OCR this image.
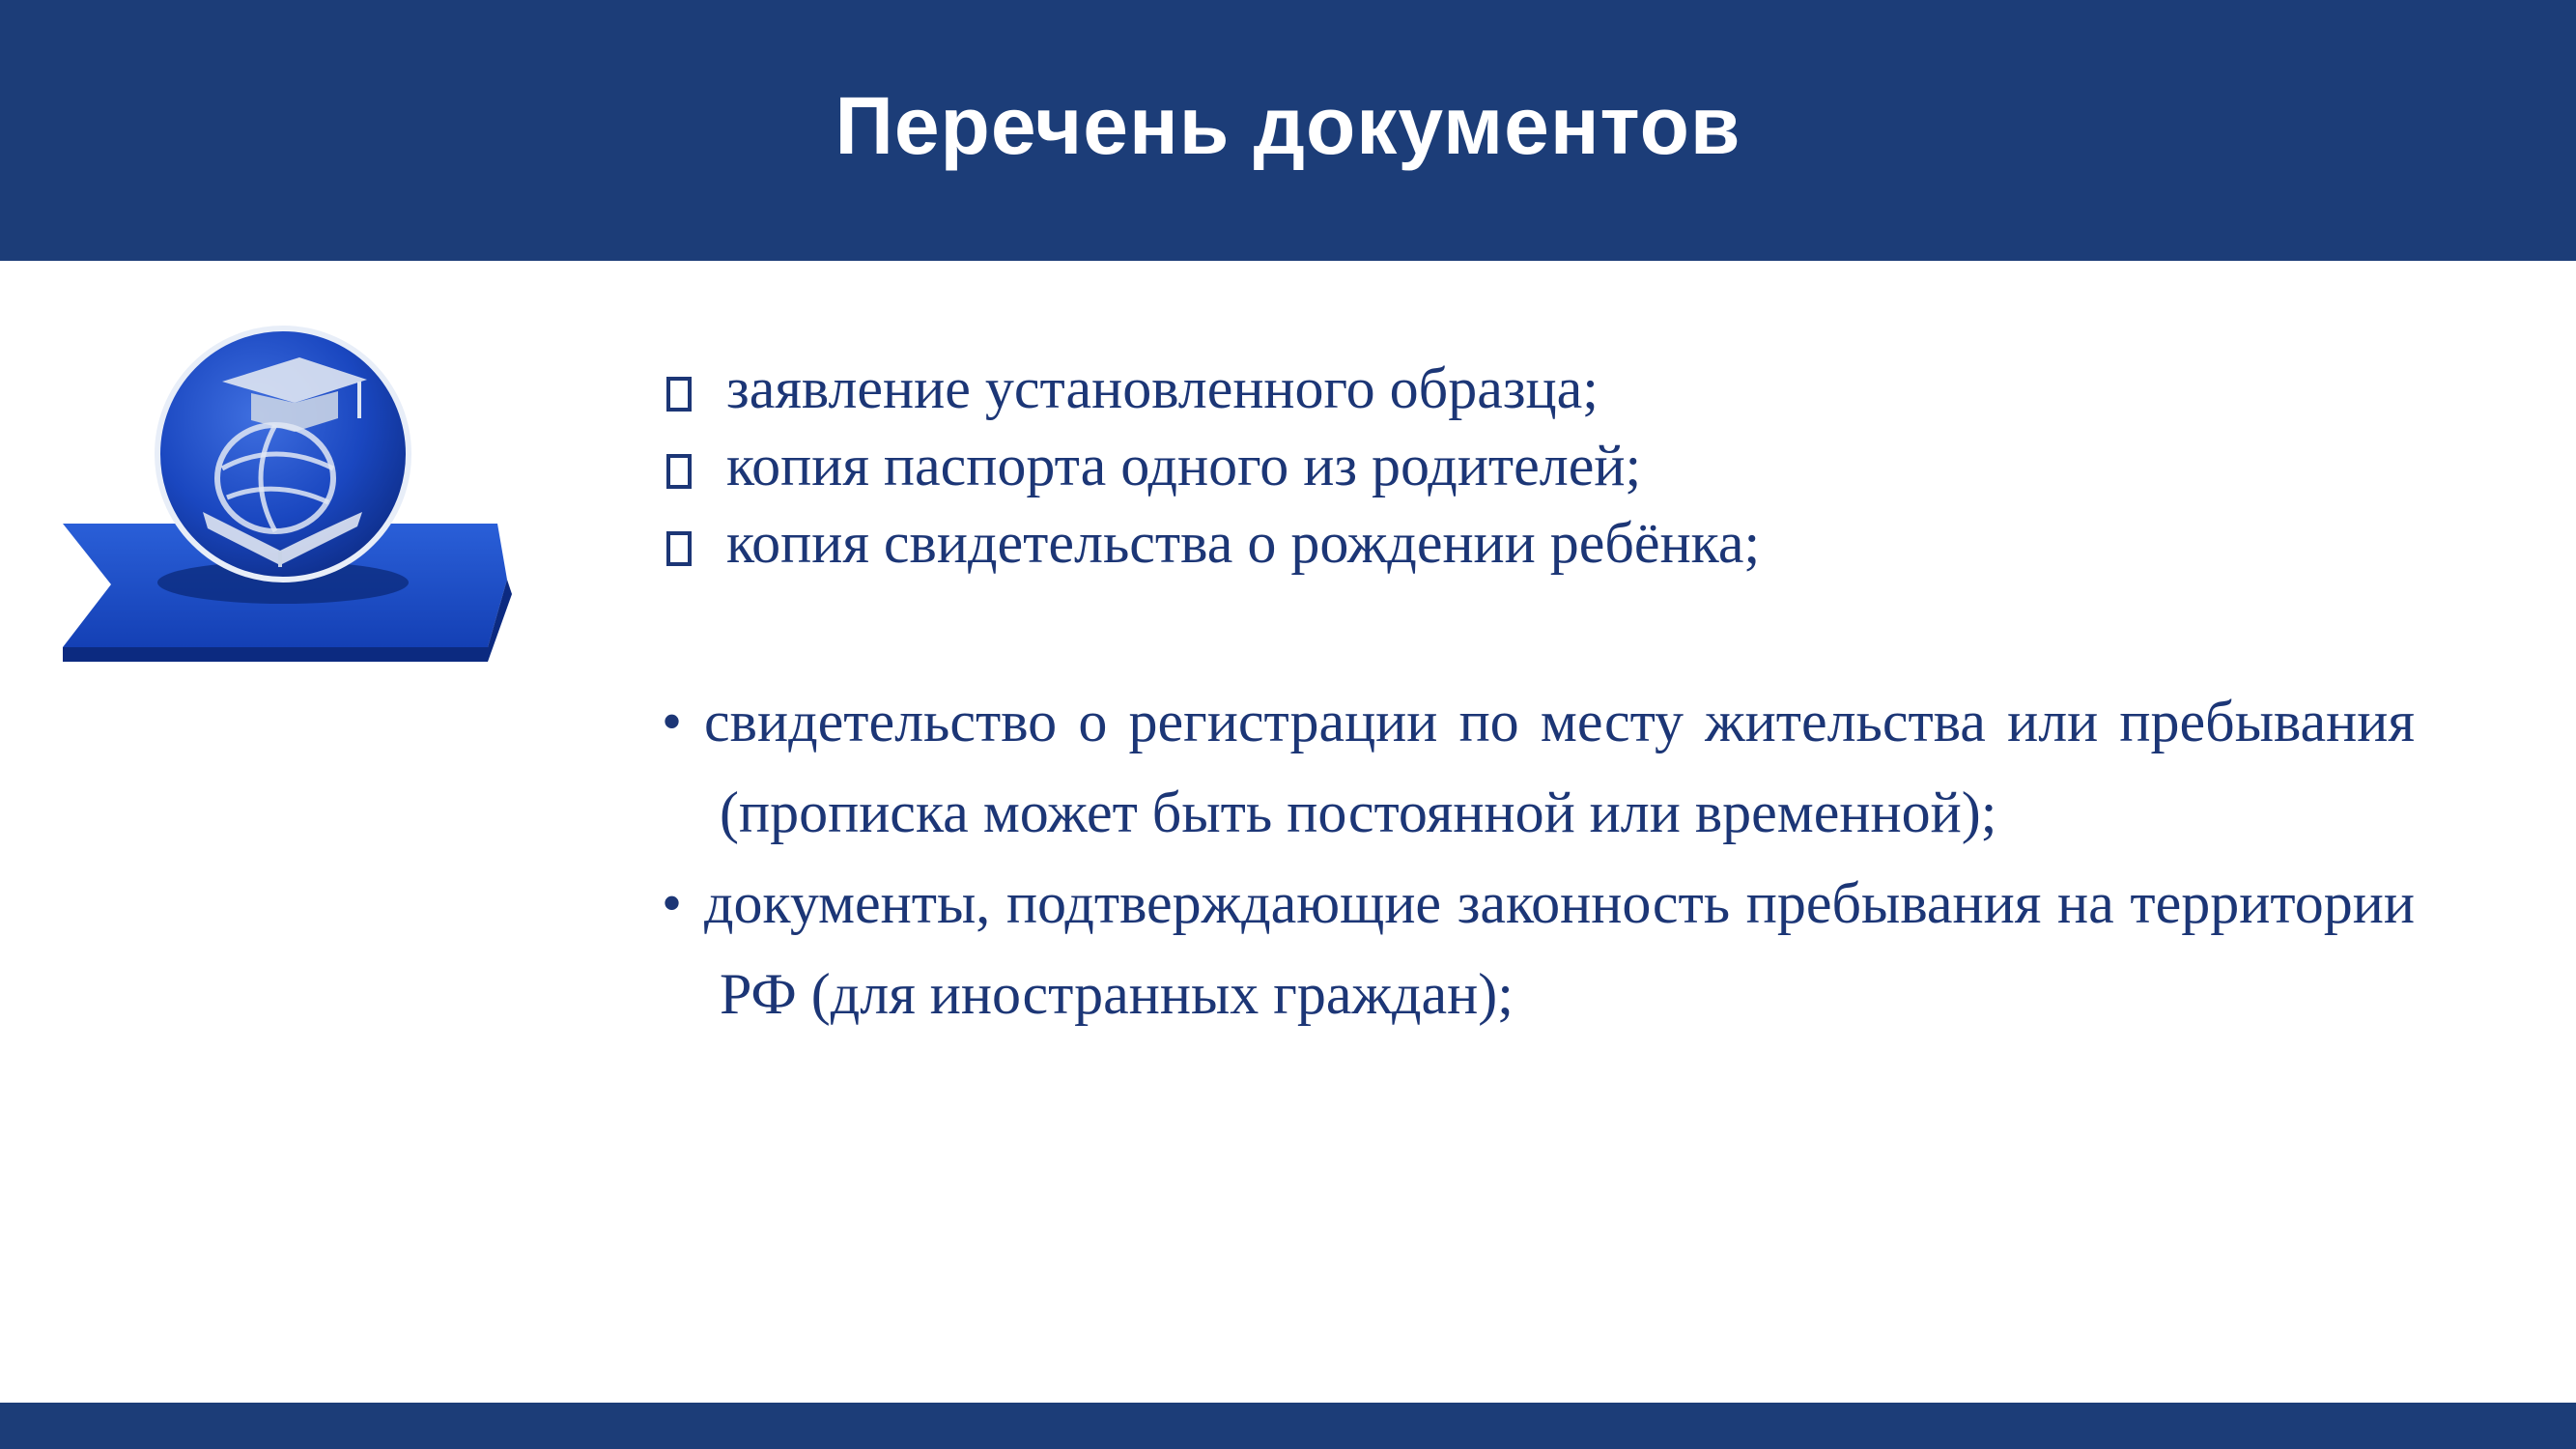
Перечень документов
заявление установленного образца;
копия паспорта одного из родителей;
копия свидетельства о рождении ребёнка;
• свидетельство о регистрации по месту жительства или пребывания (прописка может быть постоянной или временной);
• документы, подтверждающие законность пребывания на территории РФ (для иностранных граждан);
